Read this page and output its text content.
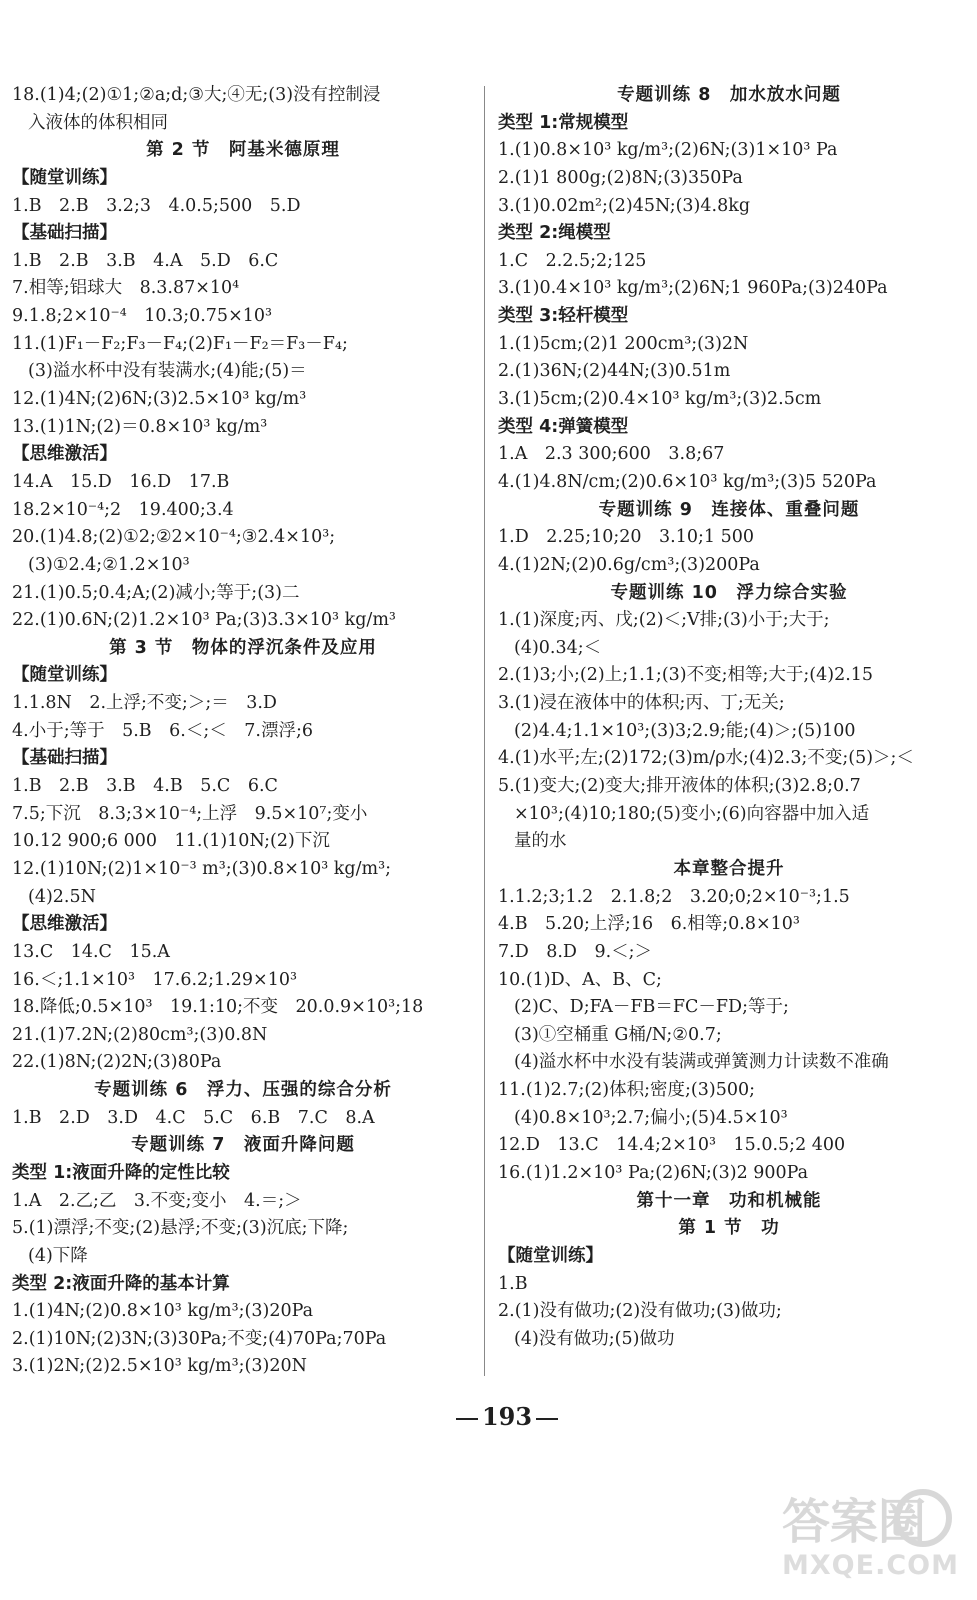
18.(1)4;(2)①1;②a;d;③大;④无;(3)没有控制浸
入液体的体积相同
第 2 节　阿基米德原理
【随堂训练】
1.B　2.B　3.2;3　4.0.5;500　5.D
【基础扫描】
1.B　2.B　3.B　4.A　5.D　6.C
7.相等;铝球大　8.3.87×10⁴
9.1.8;2×10⁻⁴　10.3;0.75×10³
11.(1)F₁－F₂;F₃－F₄;(2)F₁－F₂＝F₃－F₄;
(3)溢水杯中没有装满水;(4)能;(5)＝
12.(1)4N;(2)6N;(3)2.5×10³ kg/m³
13.(1)1N;(2)＝0.8×10³ kg/m³
【思维激活】
14.A　15.D　16.D　17.B
18.2×10⁻⁴;2　19.400;3.4
20.(1)4.8;(2)①2;②2×10⁻⁴;③2.4×10³;
(3)①2.4;②1.2×10³
21.(1)0.5;0.4;A;(2)减小;等于;(3)二
22.(1)0.6N;(2)1.2×10³ Pa;(3)3.3×10³ kg/m³
第 3 节　物体的浮沉条件及应用
【随堂训练】
1.1.8N　2.上浮;不变;＞;＝　3.D
4.小于;等于　5.B　6.＜;＜　7.漂浮;6
【基础扫描】
1.B　2.B　3.B　4.B　5.C　6.C
7.5;下沉　8.3;3×10⁻⁴;上浮　9.5×10⁷;变小
10.12 900;6 000　11.(1)10N;(2)下沉
12.(1)10N;(2)1×10⁻³ m³;(3)0.8×10³ kg/m³;
(4)2.5N
【思维激活】
13.C　14.C　15.A
16.＜;1.1×10³　17.6.2;1.29×10³
18.降低;0.5×10³　19.1:10;不变　20.0.9×10³;18
21.(1)7.2N;(2)80cm³;(3)0.8N
22.(1)8N;(2)2N;(3)80Pa
专题训练 6　浮力、压强的综合分析
1.B　2.D　3.D　4.C　5.C　6.B　7.C　8.A
专题训练 7　液面升降问题
类型 1:液面升降的定性比较
1.A　2.乙;乙　3.不变;变小　4.＝;＞
5.(1)漂浮;不变;(2)悬浮;不变;(3)沉底;下降;
(4)下降
类型 2:液面升降的基本计算
1.(1)4N;(2)0.8×10³ kg/m³;(3)20Pa
2.(1)10N;(2)3N;(3)30Pa;不变;(4)70Pa;70Pa
3.(1)2N;(2)2.5×10³ kg/m³;(3)20N
专题训练 8　加水放水问题
类型 1:常规模型
1.(1)0.8×10³ kg/m³;(2)6N;(3)1×10³ Pa
2.(1)1 800g;(2)8N;(3)350Pa
3.(1)0.02m²;(2)45N;(3)4.8kg
类型 2:绳模型
1.C　2.2.5;2;125
3.(1)0.4×10³ kg/m³;(2)6N;1 960Pa;(3)240Pa
类型 3:轻杆模型
1.(1)5cm;(2)1 200cm³;(3)2N
2.(1)36N;(2)44N;(3)0.51m
3.(1)5cm;(2)0.4×10³ kg/m³;(3)2.5cm
类型 4:弹簧模型
1.A　2.3 300;600　3.8;67
4.(1)4.8N/cm;(2)0.6×10³ kg/m³;(3)5 520Pa
专题训练 9　连接体、重叠问题
1.D　2.25;10;20　3.10;1 500
4.(1)2N;(2)0.6g/cm³;(3)200Pa
专题训练 10　浮力综合实验
1.(1)深度;丙、戊;(2)＜;V排;(3)小于;大于;
(4)0.34;＜
2.(1)3;小;(2)上;1.1;(3)不变;相等;大于;(4)2.15
3.(1)浸在液体中的体积;丙、丁;无关;
(2)4.4;1.1×10³;(3)3;2.9;能;(4)＞;(5)100
4.(1)水平;左;(2)172;(3)m/ρ水;(4)2.3;不变;(5)＞;＜
5.(1)变大;(2)变大;排开液体的体积;(3)2.8;0.7
×10³;(4)10;180;(5)变小;(6)向容器中加入适
量的水
本章整合提升
1.1.2;3;1.2　2.1.8;2　3.20;0;2×10⁻³;1.5
4.B　5.20;上浮;16　6.相等;0.8×10³
7.D　8.D　9.＜;＞
10.(1)D、A、B、C;
(2)C、D;FA－FB＝FC－FD;等于;
(3)①空桶重 G桶/N;②0.7;
(4)溢水杯中水没有装满或弹簧测力计读数不准确
11.(1)2.7;(2)体积;密度;(3)500;
(4)0.8×10³;2.7;偏小;(5)4.5×10³
12.D　13.C　14.4;2×10³　15.0.5;2 400
16.(1)1.2×10³ Pa;(2)6N;(3)2 900Pa
第十一章　功和机械能
第 1 节　功
【随堂训练】
1.B
2.(1)没有做功;(2)没有做功;(3)做功;
(4)没有做功;(5)做功
193
答案圈
MXQE.COM
